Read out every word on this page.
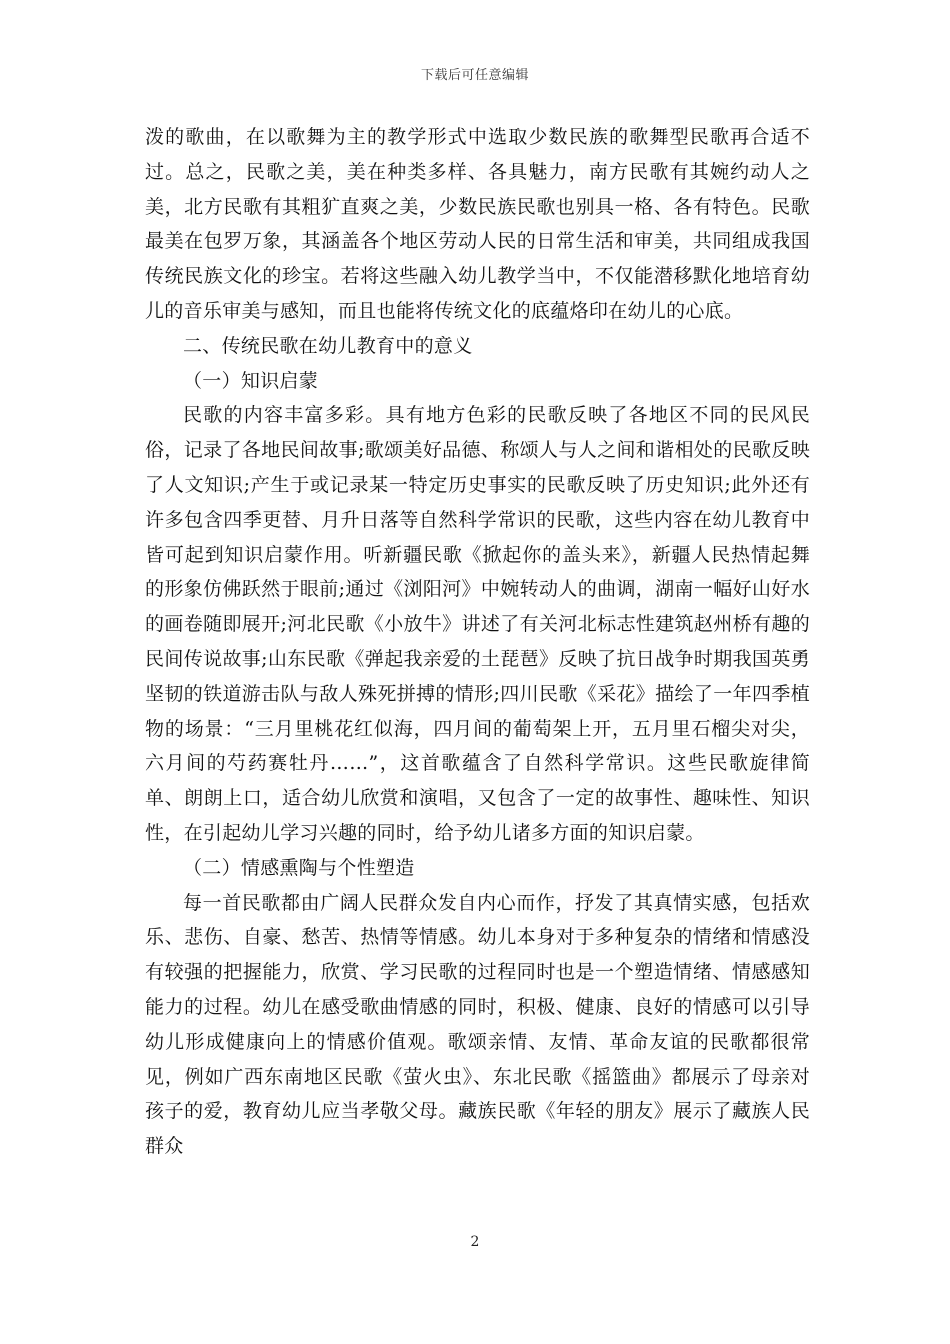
下载后可任意编辑

泼的歌曲，在以歌舞为主的教学形式中选取少数民族的歌舞型民歌再合适不过。总之，民歌之美，美在种类多样、各具魅力，南方民歌有其婉约动人之美，北方民歌有其粗犷直爽之美，少数民族民歌也别具一格、各有特色。民歌最美在包罗万象，其涵盖各个地区劳动人民的日常生活和审美，共同组成我国传统民族文化的珍宝。若将这些融入幼儿教学当中，不仅能潜移默化地培育幼儿的音乐审美与感知，而且也能将传统文化的底蕴烙印在幼儿的心底。

二、传统民歌在幼儿教育中的意义

（一）知识启蒙

民歌的内容丰富多彩。具有地方色彩的民歌反映了各地区不同的民风民俗，记录了各地民间故事;歌颂美好品德、称颂人与人之间和谐相处的民歌反映了人文知识;产生于或记录某一特定历史事实的民歌反映了历史知识;此外还有许多包含四季更替、月升日落等自然科学常识的民歌，这些内容在幼儿教育中皆可起到知识启蒙作用。听新疆民歌《掀起你的盖头来》，新疆人民热情起舞的形象仿佛跃然于眼前;通过《浏阳河》中婉转动人的曲调，湖南一幅好山好水的画卷随即展开;河北民歌《小放牛》讲述了有关河北标志性建筑赵州桥有趣的民间传说故事;山东民歌《弹起我亲爱的土琵琶》反映了抗日战争时期我国英勇坚韧的铁道游击队与敌人殊死拼搏的情形;四川民歌《采花》描绘了一年四季植物的场景：“三月里桃花红似海，四月间的葡萄架上开，五月里石榴尖对尖，六月间的芍药赛牡丹……”，这首歌蕴含了自然科学常识。这些民歌旋律简单、朗朗上口，适合幼儿欣赏和演唱，又包含了一定的故事性、趣味性、知识性，在引起幼儿学习兴趣的同时，给予幼儿诸多方面的知识启蒙。

（二）情感熏陶与个性塑造

每一首民歌都由广阔人民群众发自内心而作，抒发了其真情实感，包括欢乐、悲伤、自豪、愁苦、热情等情感。幼儿本身对于多种复杂的情绪和情感没有较强的把握能力，欣赏、学习民歌的过程同时也是一个塑造情绪、情感感知能力的过程。幼儿在感受歌曲情感的同时，积极、健康、良好的情感可以引导幼儿形成健康向上的情感价值观。歌颂亲情、友情、革命友谊的民歌都很常见，例如广西东南地区民歌《萤火虫》、东北民歌《摇篮曲》都展示了母亲对孩子的爱，教育幼儿应当孝敬父母。藏族民歌《年轻的朋友》展示了藏族人民群众

2
